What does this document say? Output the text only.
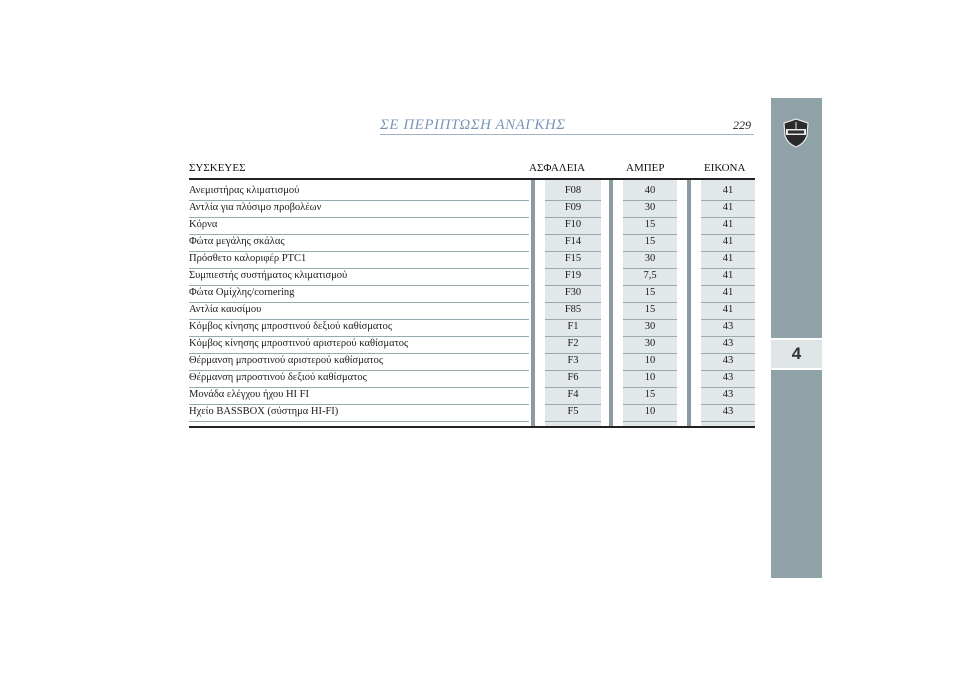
ΣΕ ΠΕΡΙΠΤΩΣΗ ΑΝΑΓΚΗΣ	229
4
ΣΥΣΚΕΥΕΣ	ΑΣΦΑΛΕΙΑ	ΑΜΠΕΡ	ΕΙΚΟΝΑ
Ανεμιστήρας κλιματισμού	F08	40	41
Αντλία για πλύσιμο προβολέων	F09	30	41
Κόρνα	F10	15	41
Φώτα μεγάλης σκάλας	F14	15	41
Πρόσθετο καλοριφέρ PTC1	F15	30	41
Συμπιεστής συστήματος κλιματισμού	F19	7,5	41
Φώτα Ομίχλης/cornering	F30	15	41
Αντλία καυσίμου	F85	15	41
Κόμβος κίνησης μπροστινού δεξιού καθίσματος	F1	30	43
Κόμβος κίνησης μπροστινού αριστερού καθίσματος	F2	30	43
Θέρμανση μπροστινού αριστερού καθίσματος	F3	10	43
Θέρμανση μπροστινού δεξιού καθίσματος	F6	10	43
Μονάδα ελέγχου ήχου HI FI	F4	15	43
Ηχείο BASSBOX (σύστημα HI-FI)	F5	10	43
